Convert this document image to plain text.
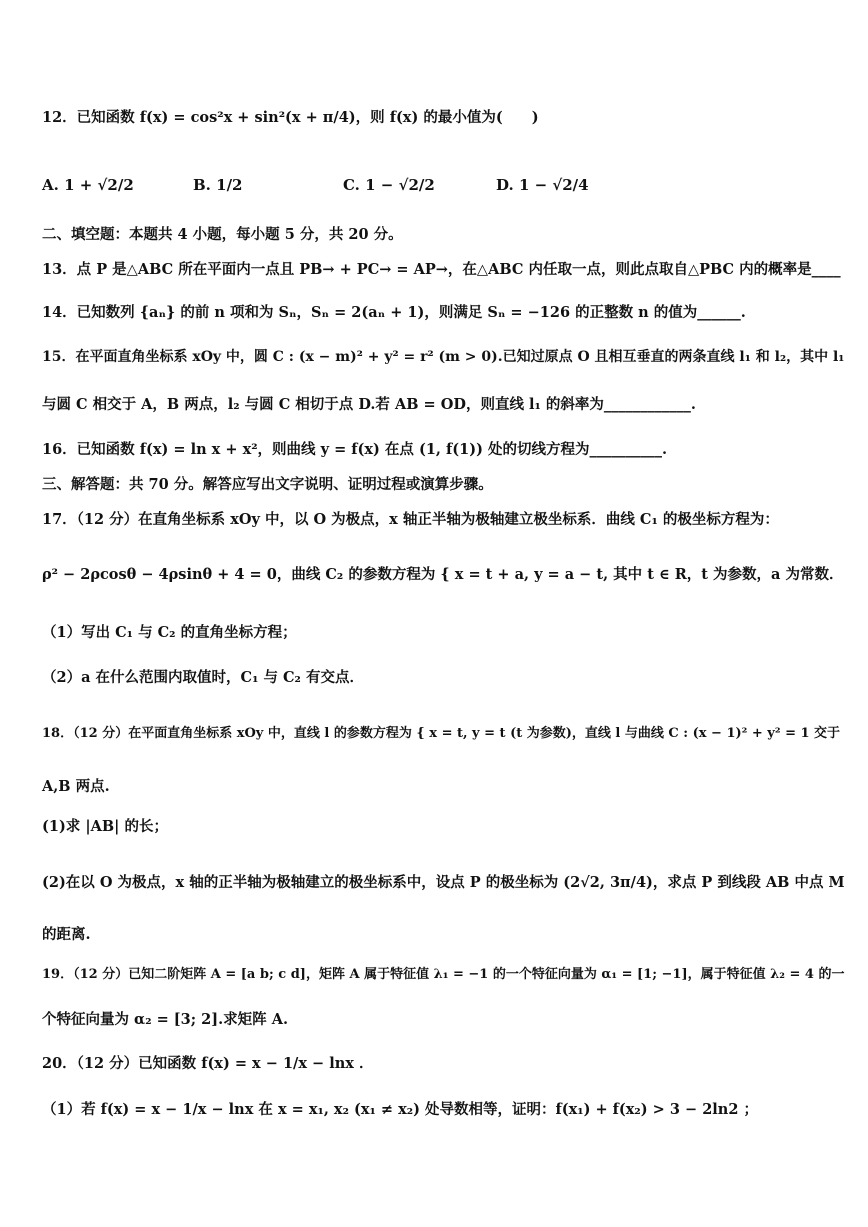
12．已知函数 f(x) = cos²x + sin²(x + π/4)，则 f(x) 的最小值为(　　)
A. 1 + √2/2	B. 1/2	C. 1 − √2/2	D. 1 − √2/4
二、填空题：本题共 4 小题，每小题 5 分，共 20 分。
13．点 P 是△ABC 所在平面内一点且 PB→ + PC→ = AP→，在△ABC 内任取一点，则此点取自△PBC 内的概率是____
14．已知数列 {aₙ} 的前 n 项和为 Sₙ，Sₙ = 2(aₙ + 1)，则满足 Sₙ = −126 的正整数 n 的值为______.
15．在平面直角坐标系 xOy 中，圆 C : (x − m)² + y² = r² (m > 0).已知过原点 O 且相互垂直的两条直线 l₁ 和 l₂，其中 l₁
与圆 C 相交于 A，B 两点，l₂ 与圆 C 相切于点 D.若 AB = OD，则直线 l₁ 的斜率为____________.
16．已知函数 f(x) = ln x + x²，则曲线 y = f(x) 在点 (1, f(1)) 处的切线方程为__________.
三、解答题：共 70 分。解答应写出文字说明、证明过程或演算步骤。
17．（12 分）在直角坐标系 xOy 中，以 O 为极点，x 轴正半轴为极轴建立极坐标系．曲线 C₁ 的极坐标方程为：
ρ² − 2ρcosθ − 4ρsinθ + 4 = 0，曲线 C₂ 的参数方程为 { x = t + a, y = a − t, 其中 t ∈ R，t 为参数，a 为常数．
（1）写出 C₁ 与 C₂ 的直角坐标方程；
（2）a 在什么范围内取值时，C₁ 与 C₂ 有交点．
18．（12 分）在平面直角坐标系 xOy 中，直线 l 的参数方程为 { x = t, y = t (t 为参数)，直线 l 与曲线 C : (x − 1)² + y² = 1 交于
A,B 两点.
(1)求 |AB| 的长；
(2)在以 O 为极点，x 轴的正半轴为极轴建立的极坐标系中，设点 P 的极坐标为 (2√2, 3π/4)，求点 P 到线段 AB 中点 M
的距离.
19．（12 分）已知二阶矩阵 A = [a b; c d]，矩阵 A 属于特征值 λ₁ = −1 的一个特征向量为 α₁ = [1; −1]，属于特征值 λ₂ = 4 的一
个特征向量为 α₂ = [3; 2].求矩阵 A.
20．（12 分）已知函数 f(x) = x − 1/x − lnx ．
（1）若 f(x) = x − 1/x − lnx 在 x = x₁, x₂ (x₁ ≠ x₂) 处导数相等，证明：f(x₁) + f(x₂) > 3 − 2ln2 ；
